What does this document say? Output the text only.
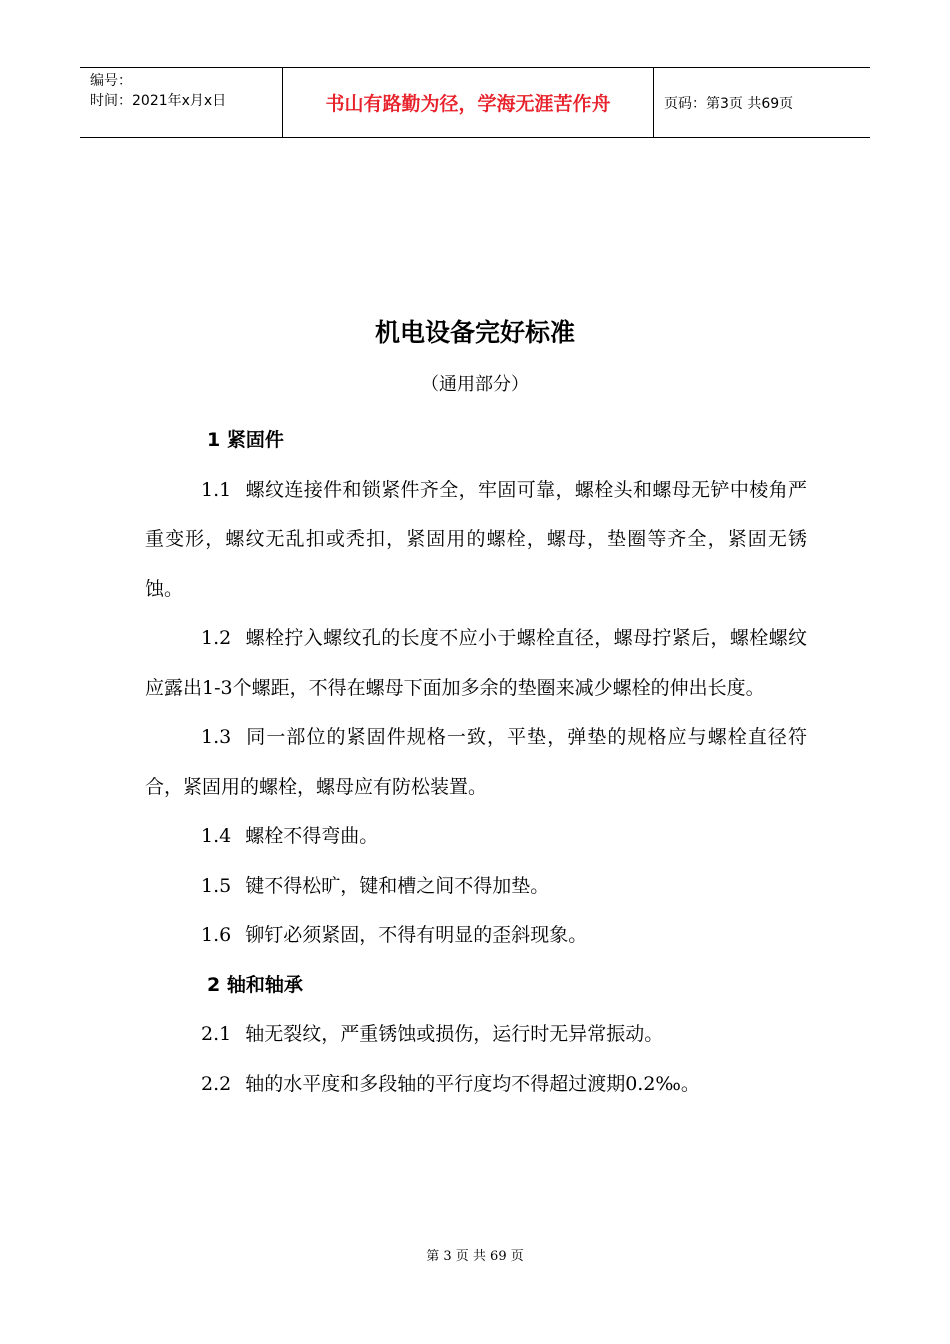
编号：
时间：2021年x月x日	书山有路勤为径，学海无涯苦作舟	页码：第3页 共69页
机电设备完好标准
（通用部分）

1 紧固件

1.1 螺纹连接件和锁紧件齐全，牢固可靠，螺栓头和螺母无铲中棱角严重变形，螺纹无乱扣或秃扣，紧固用的螺栓，螺母，垫圈等齐全，紧固无锈蚀。

1.2 螺栓拧入螺纹孔的长度不应小于螺栓直径，螺母拧紧后，螺栓螺纹应露出1-3个螺距，不得在螺母下面加多余的垫圈来减少螺栓的伸出长度。

1.3 同一部位的紧固件规格一致，平垫，弹垫的规格应与螺栓直径符合，紧固用的螺栓，螺母应有防松装置。

1.4 螺栓不得弯曲。

1.5 键不得松旷，键和槽之间不得加垫。

1.6 铆钉必须紧固，不得有明显的歪斜现象。

2 轴和轴承

2.1 轴无裂纹，严重锈蚀或损伤，运行时无异常振动。

2.2 轴的水平度和多段轴的平行度均不得超过渡期0.2‰。

第 3 页 共 69 页
